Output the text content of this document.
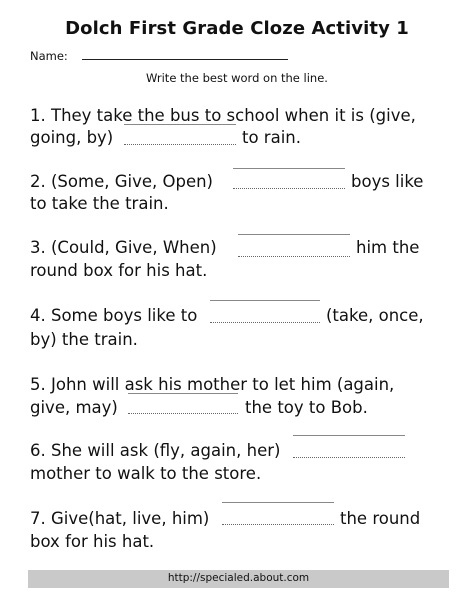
Dolch First Grade Cloze Activity 1
Name:
Write the best word on the line.
1. They take the bus to school when it is (give,
going, by)	to rain.
2. (Some, Give, Open)	boys like
to take the train.
3. (Could, Give, When)	him the
round box for his hat.
4. Some boys like to	(take, once,
by) the train.
5. John will ask his mother to let him (again,
give, may)	the toy to Bob.
6. She will ask (fly, again, her)
mother to walk to the store.
7. Give(hat, live, him)	the round
box for his hat.
http://specialed.about.com
